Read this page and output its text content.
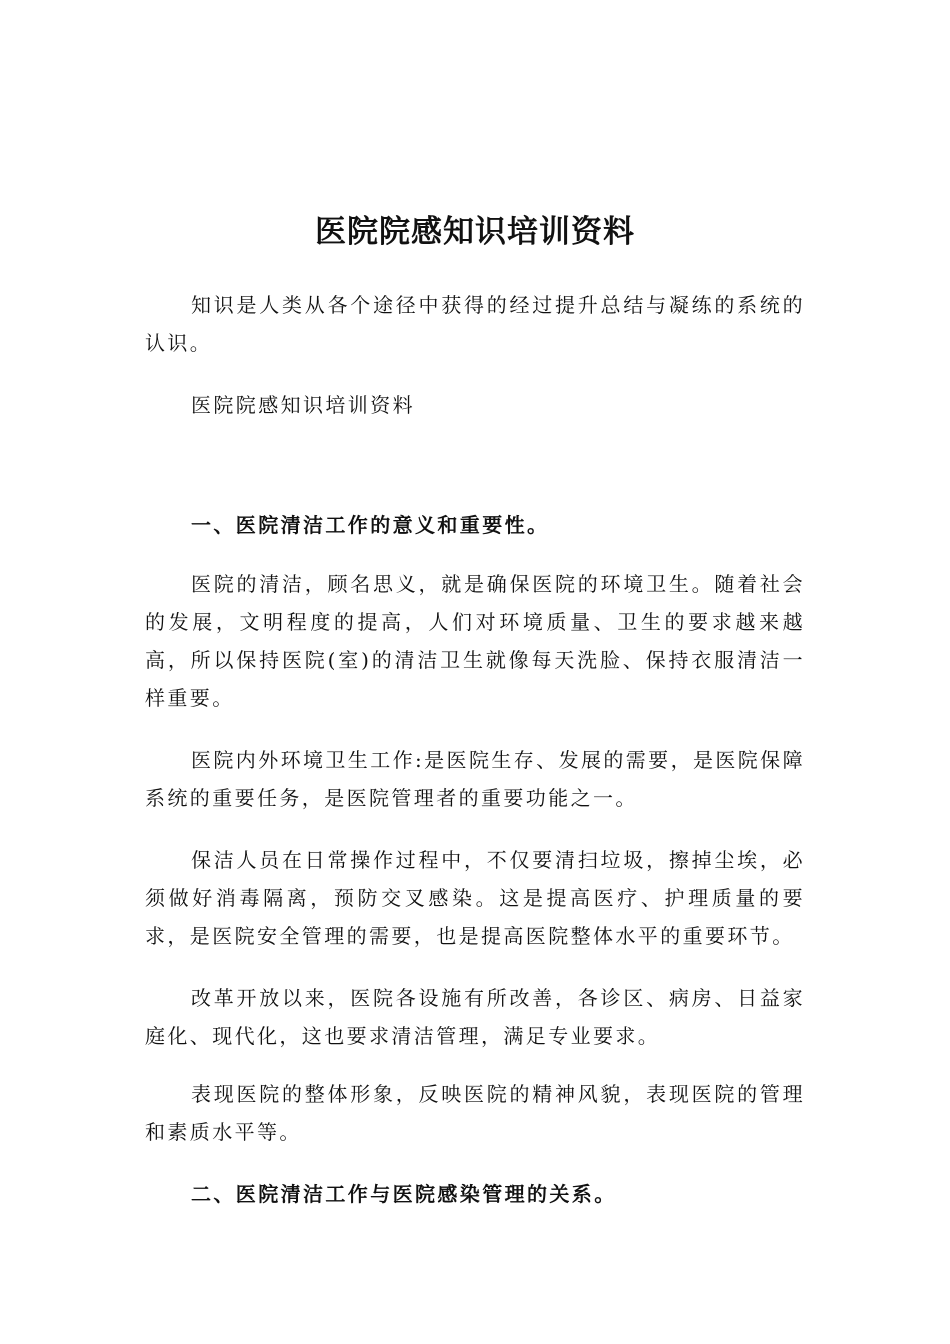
医院院感知识培训资料

知识是人类从各个途径中获得的经过提升总结与凝练的系统的认识。

医院院感知识培训资料

一、医院清洁工作的意义和重要性。

医院的清洁，顾名思义，就是确保医院的环境卫生。随着社会的发展，文明程度的提高，人们对环境质量、卫生的要求越来越高，所以保持医院(室)的清洁卫生就像每天洗脸、保持衣服清洁一样重要。

医院内外环境卫生工作:是医院生存、发展的需要，是医院保障系统的重要任务，是医院管理者的重要功能之一。

保洁人员在日常操作过程中，不仅要清扫垃圾，擦掉尘埃，必须做好消毒隔离，预防交叉感染。这是提高医疗、护理质量的要求，是医院安全管理的需要，也是提高医院整体水平的重要环节。

改革开放以来，医院各设施有所改善，各诊区、病房、日益家庭化、现代化，这也要求清洁管理，满足专业要求。

表现医院的整体形象，反映医院的精神风貌，表现医院的管理和素质水平等。

二、医院清洁工作与医院感染管理的关系。
